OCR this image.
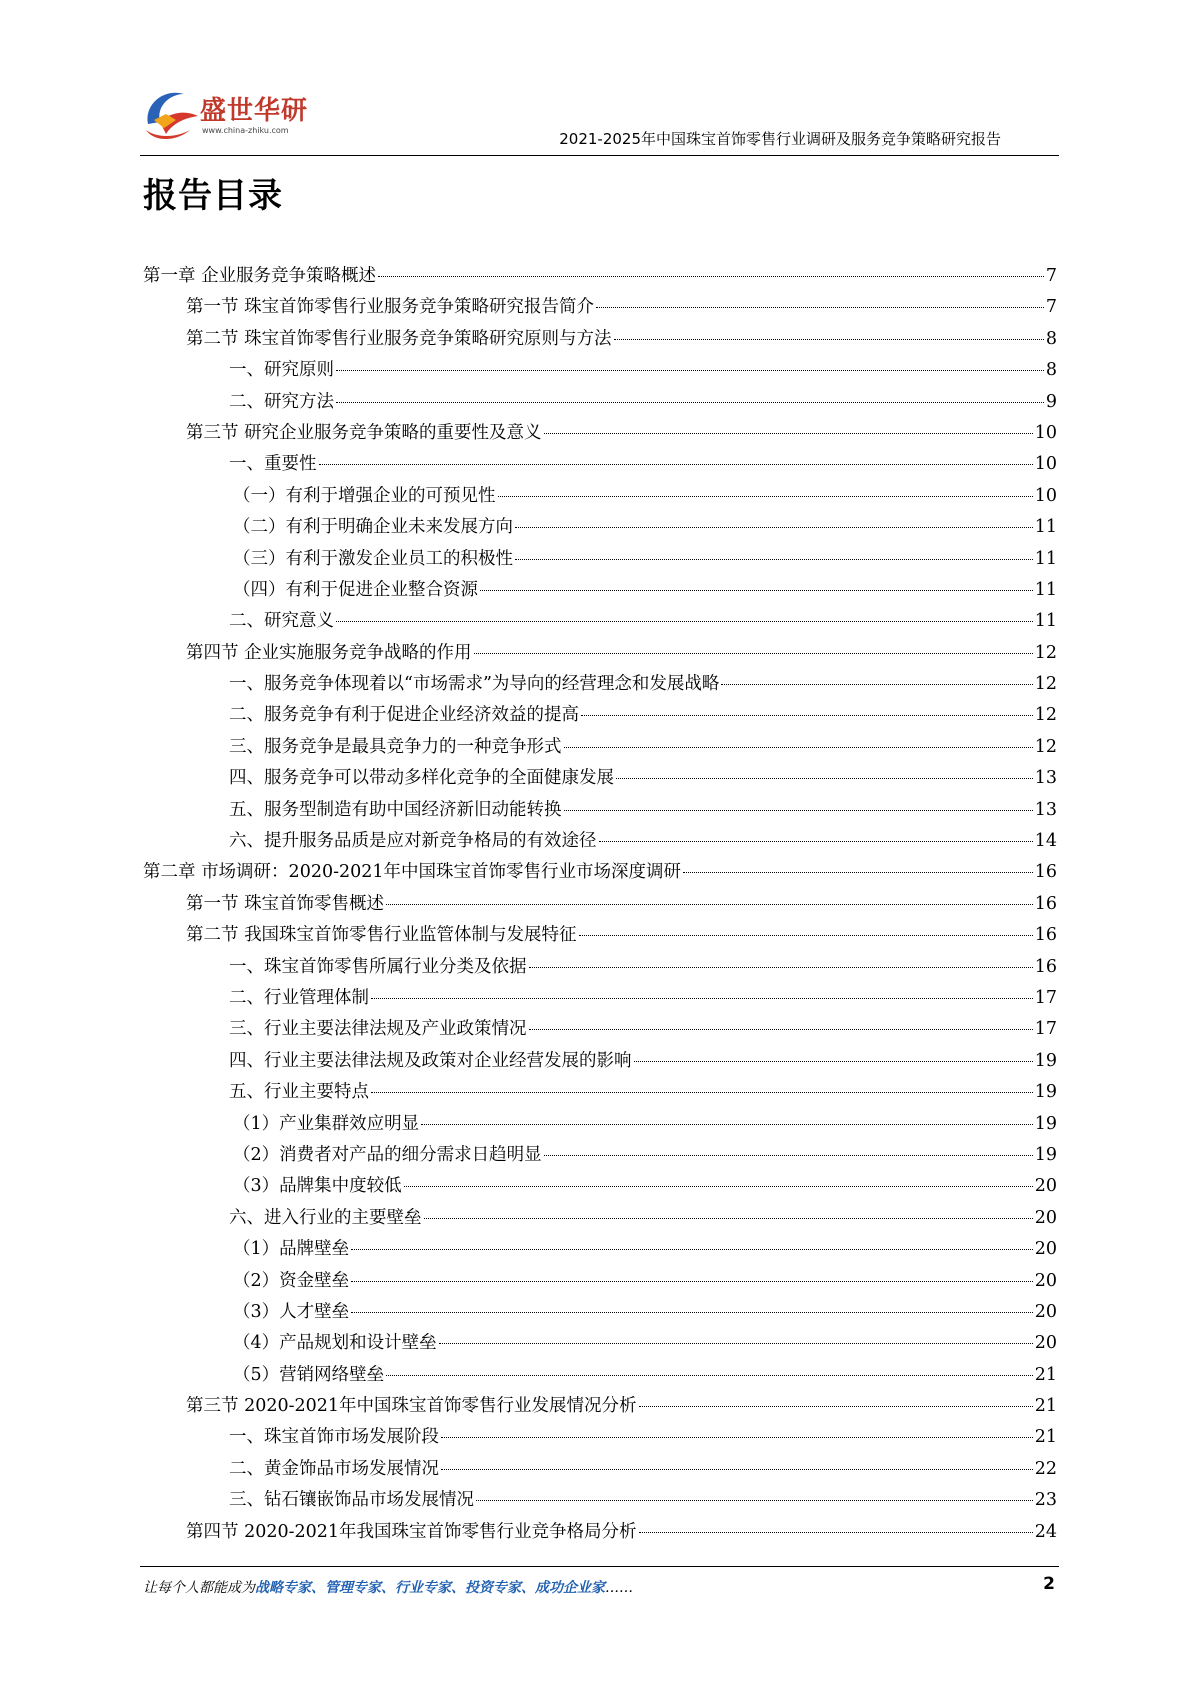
盛世华研
www.china-zhiku.com	2021-2025年中国珠宝首饰零售行业调研及服务竞争策略研究报告
报告目录
第一章 企业服务竞争策略概述	7
第一节 珠宝首饰零售行业服务竞争策略研究报告简介	7
第二节 珠宝首饰零售行业服务竞争策略研究原则与方法	8
一、研究原则	8
二、研究方法	9
第三节 研究企业服务竞争策略的重要性及意义	10
一、重要性	10
（一）有利于增强企业的可预见性	10
（二）有利于明确企业未来发展方向	11
（三）有利于激发企业员工的积极性	11
（四）有利于促进企业整合资源	11
二、研究意义	11
第四节 企业实施服务竞争战略的作用	12
一、服务竞争体现着以“市场需求”为导向的经营理念和发展战略	12
二、服务竞争有利于促进企业经济效益的提高	12
三、服务竞争是最具竞争力的一种竞争形式	12
四、服务竞争可以带动多样化竞争的全面健康发展	13
五、服务型制造有助中国经济新旧动能转换	13
六、提升服务品质是应对新竞争格局的有效途径	14
第二章 市场调研：2020-2021年中国珠宝首饰零售行业市场深度调研	16
第一节 珠宝首饰零售概述	16
第二节 我国珠宝首饰零售行业监管体制与发展特征	16
一、珠宝首饰零售所属行业分类及依据	16
二、行业管理体制	17
三、行业主要法律法规及产业政策情况	17
四、行业主要法律法规及政策对企业经营发展的影响	19
五、行业主要特点	19
（1）产业集群效应明显	19
（2）消费者对产品的细分需求日趋明显	19
（3）品牌集中度较低	20
六、进入行业的主要壁垒	20
（1）品牌壁垒	20
（2）资金壁垒	20
（3）人才壁垒	20
（4）产品规划和设计壁垒	20
（5）营销网络壁垒	21
第三节 2020-2021年中国珠宝首饰零售行业发展情况分析	21
一、珠宝首饰市场发展阶段	21
二、黄金饰品市场发展情况	22
三、钻石镶嵌饰品市场发展情况	23
第四节 2020-2021年我国珠宝首饰零售行业竞争格局分析	24
让每个人都能成为战略专家、管理专家、行业专家、投资专家、成功企业家……	2
